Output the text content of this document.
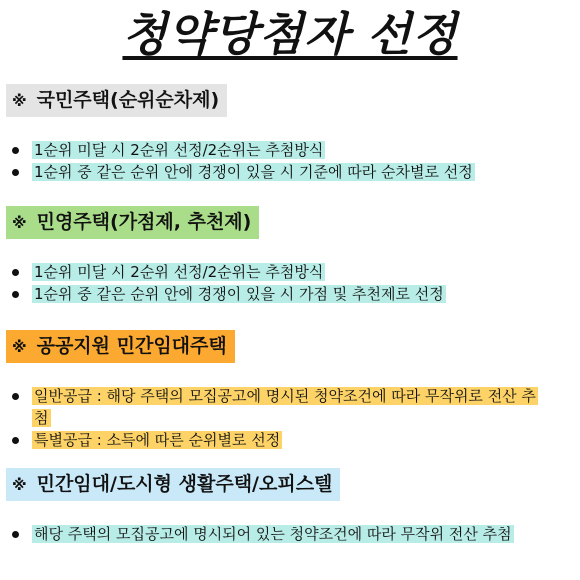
청약당첨자 선정
※ 국민주택(순위순차제)
1순위 미달 시 2순위 선정/2순위는 추첨방식
1순위 중 같은 순위 안에 경쟁이 있을 시 기준에 따라 순차별로 선정
※ 민영주택(가점제, 추천제)
1순위 미달 시 2순위 선정/2순위는 추첨방식
1순위 중 같은 순위 안에 경쟁이 있을 시 가점 및 추천제로 선정
※ 공공지원 민간임대주택
일반공급 : 해당 주택의 모집공고에 명시된 청약조건에 따라 무작위로 전산 추첨
특별공급 : 소득에 따른 순위별로 선정
※ 민간임대/도시형 생활주택/오피스텔
해당 주택의 모집공고에 명시되어 있는 청약조건에 따라 무작위 전산 추첨
